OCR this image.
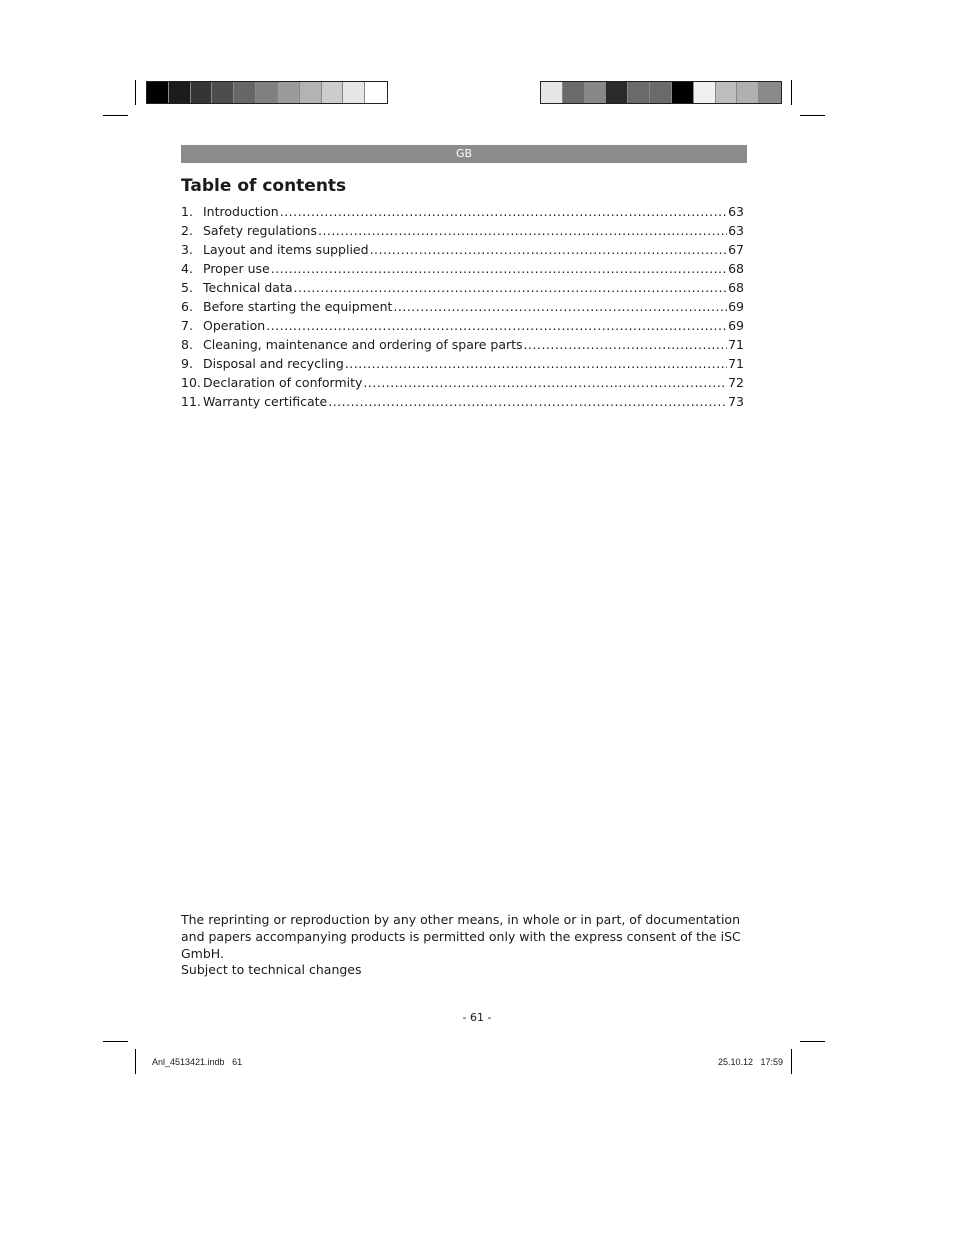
GB
Table of contents
1. Introduction .....	63
2. Safety regulations .....	63
3. Layout and items supplied .....	67
4. Proper use .....	68
5. Technical data .....	68
6. Before starting the equipment .....	69
7. Operation .....	69
8. Cleaning, maintenance and ordering of spare parts .....	71
9. Disposal and recycling .....	71
10. Declaration of conformity .....	72
11. Warranty certificate .....	73

The reprinting or reproduction by any other means, in whole or in part, of documentation and papers accompanying products is permitted only with the express consent of the iSC GmbH.

Subject to technical changes

- 61 -
Anl_4513421.indb   61	25.10.12   17:59
